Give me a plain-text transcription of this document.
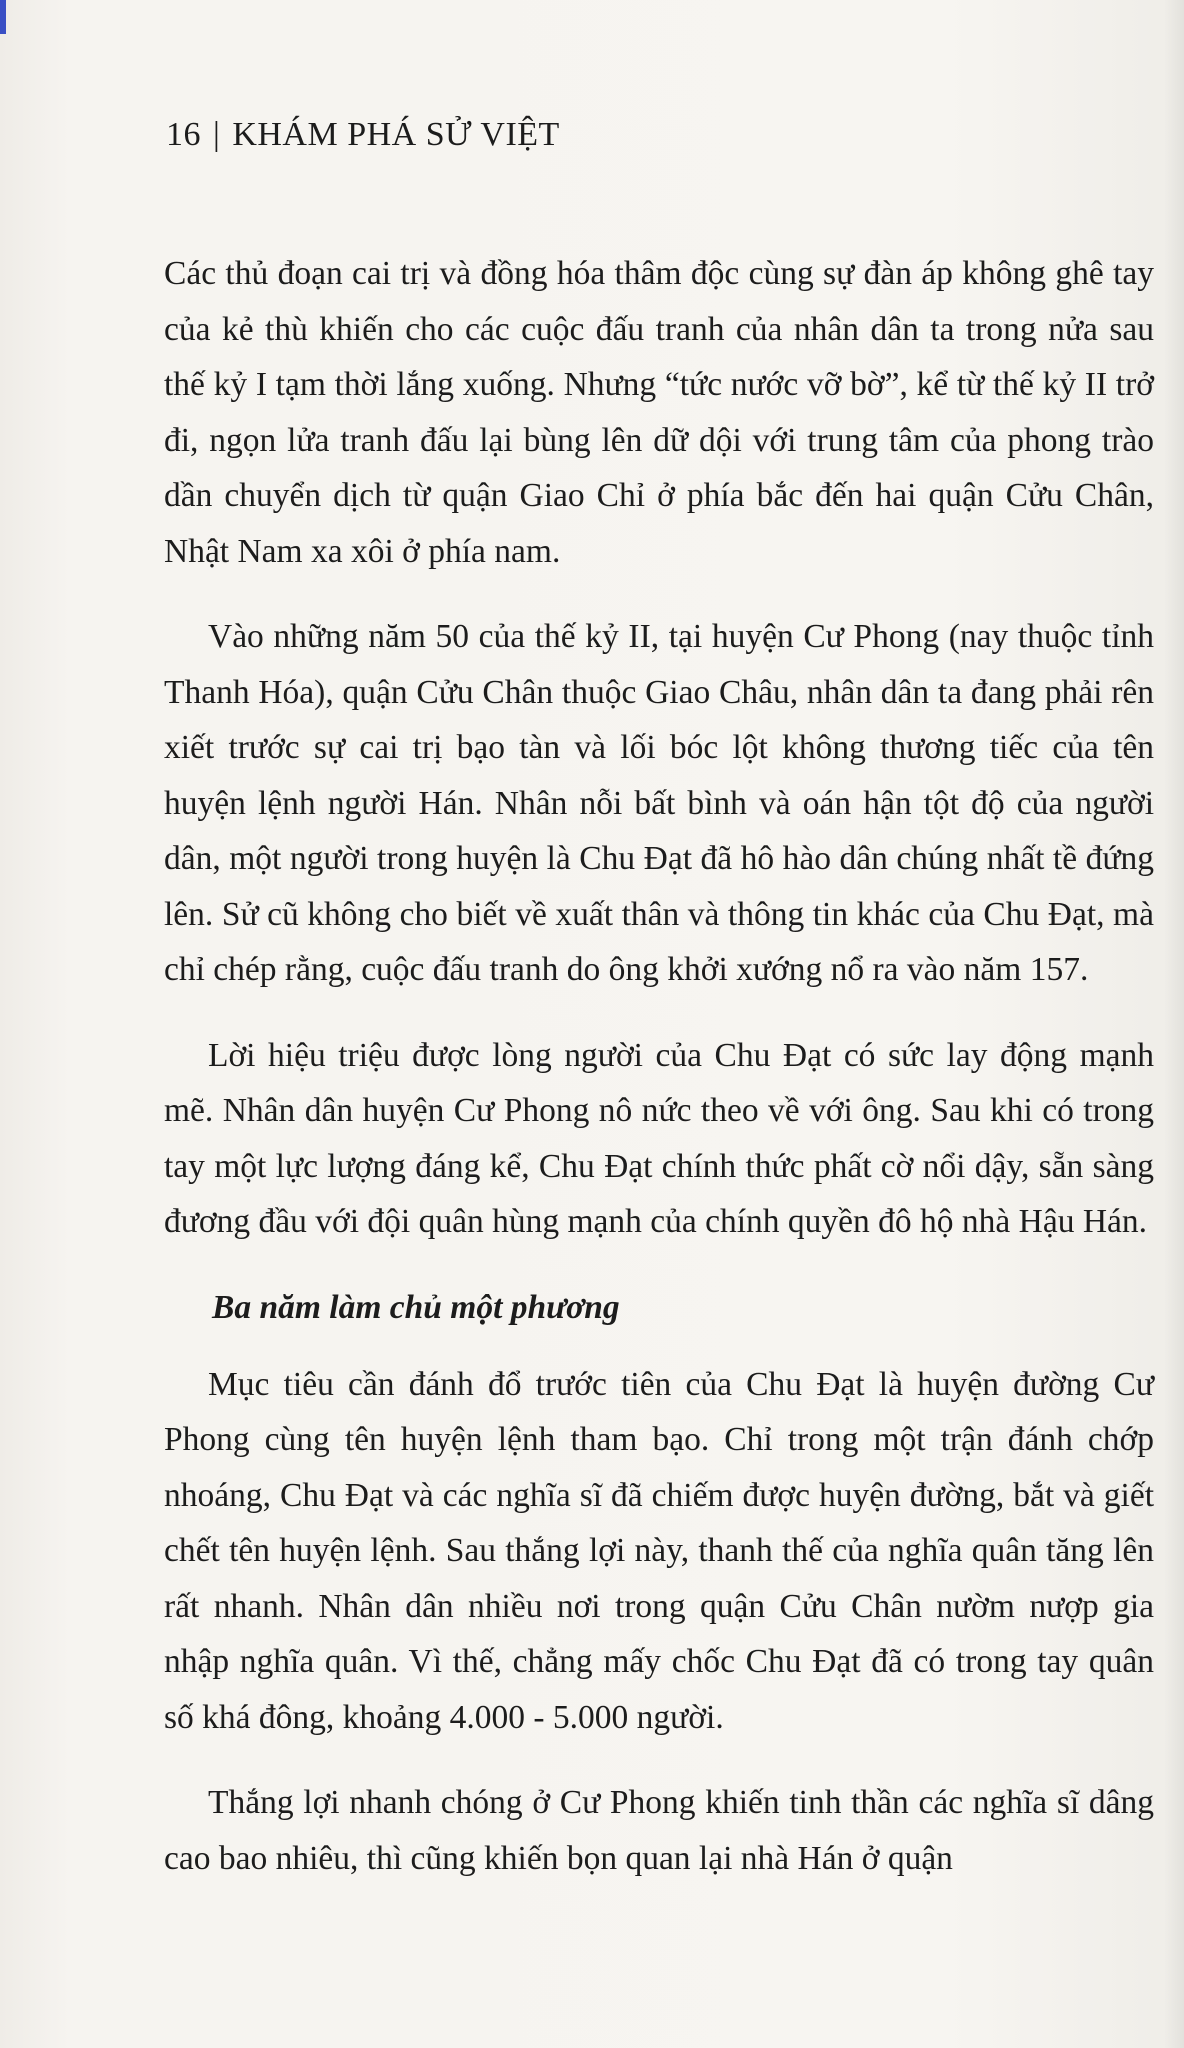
16 | KHÁM PHÁ SỬ VIỆT

Các thủ đoạn cai trị và đồng hóa thâm độc cùng sự đàn áp không ghê tay của kẻ thù khiến cho các cuộc đấu tranh của nhân dân ta trong nửa sau thế kỷ I tạm thời lắng xuống. Nhưng “tức nước vỡ bờ”, kể từ thế kỷ II trở đi, ngọn lửa tranh đấu lại bùng lên dữ dội với trung tâm của phong trào dần chuyển dịch từ quận Giao Chỉ ở phía bắc đến hai quận Cửu Chân, Nhật Nam xa xôi ở phía nam.

Vào những năm 50 của thế kỷ II, tại huyện Cư Phong (nay thuộc tỉnh Thanh Hóa), quận Cửu Chân thuộc Giao Châu, nhân dân ta đang phải rên xiết trước sự cai trị bạo tàn và lối bóc lột không thương tiếc của tên huyện lệnh người Hán. Nhân nỗi bất bình và oán hận tột độ của người dân, một người trong huyện là Chu Đạt đã hô hào dân chúng nhất tề đứng lên. Sử cũ không cho biết về xuất thân và thông tin khác của Chu Đạt, mà chỉ chép rằng, cuộc đấu tranh do ông khởi xướng nổ ra vào năm 157.

Lời hiệu triệu được lòng người của Chu Đạt có sức lay động mạnh mẽ. Nhân dân huyện Cư Phong nô nức theo về với ông. Sau khi có trong tay một lực lượng đáng kể, Chu Đạt chính thức phất cờ nổi dậy, sẵn sàng đương đầu với đội quân hùng mạnh của chính quyền đô hộ nhà Hậu Hán.

Ba năm làm chủ một phương

Mục tiêu cần đánh đổ trước tiên của Chu Đạt là huyện đường Cư Phong cùng tên huyện lệnh tham bạo. Chỉ trong một trận đánh chớp nhoáng, Chu Đạt và các nghĩa sĩ đã chiếm được huyện đường, bắt và giết chết tên huyện lệnh. Sau thắng lợi này, thanh thế của nghĩa quân tăng lên rất nhanh. Nhân dân nhiều nơi trong quận Cửu Chân nườm nượp gia nhập nghĩa quân. Vì thế, chẳng mấy chốc Chu Đạt đã có trong tay quân số khá đông, khoảng 4.000 - 5.000 người.

Thắng lợi nhanh chóng ở Cư Phong khiến tinh thần các nghĩa sĩ dâng cao bao nhiêu, thì cũng khiến bọn quan lại nhà Hán ở quận
